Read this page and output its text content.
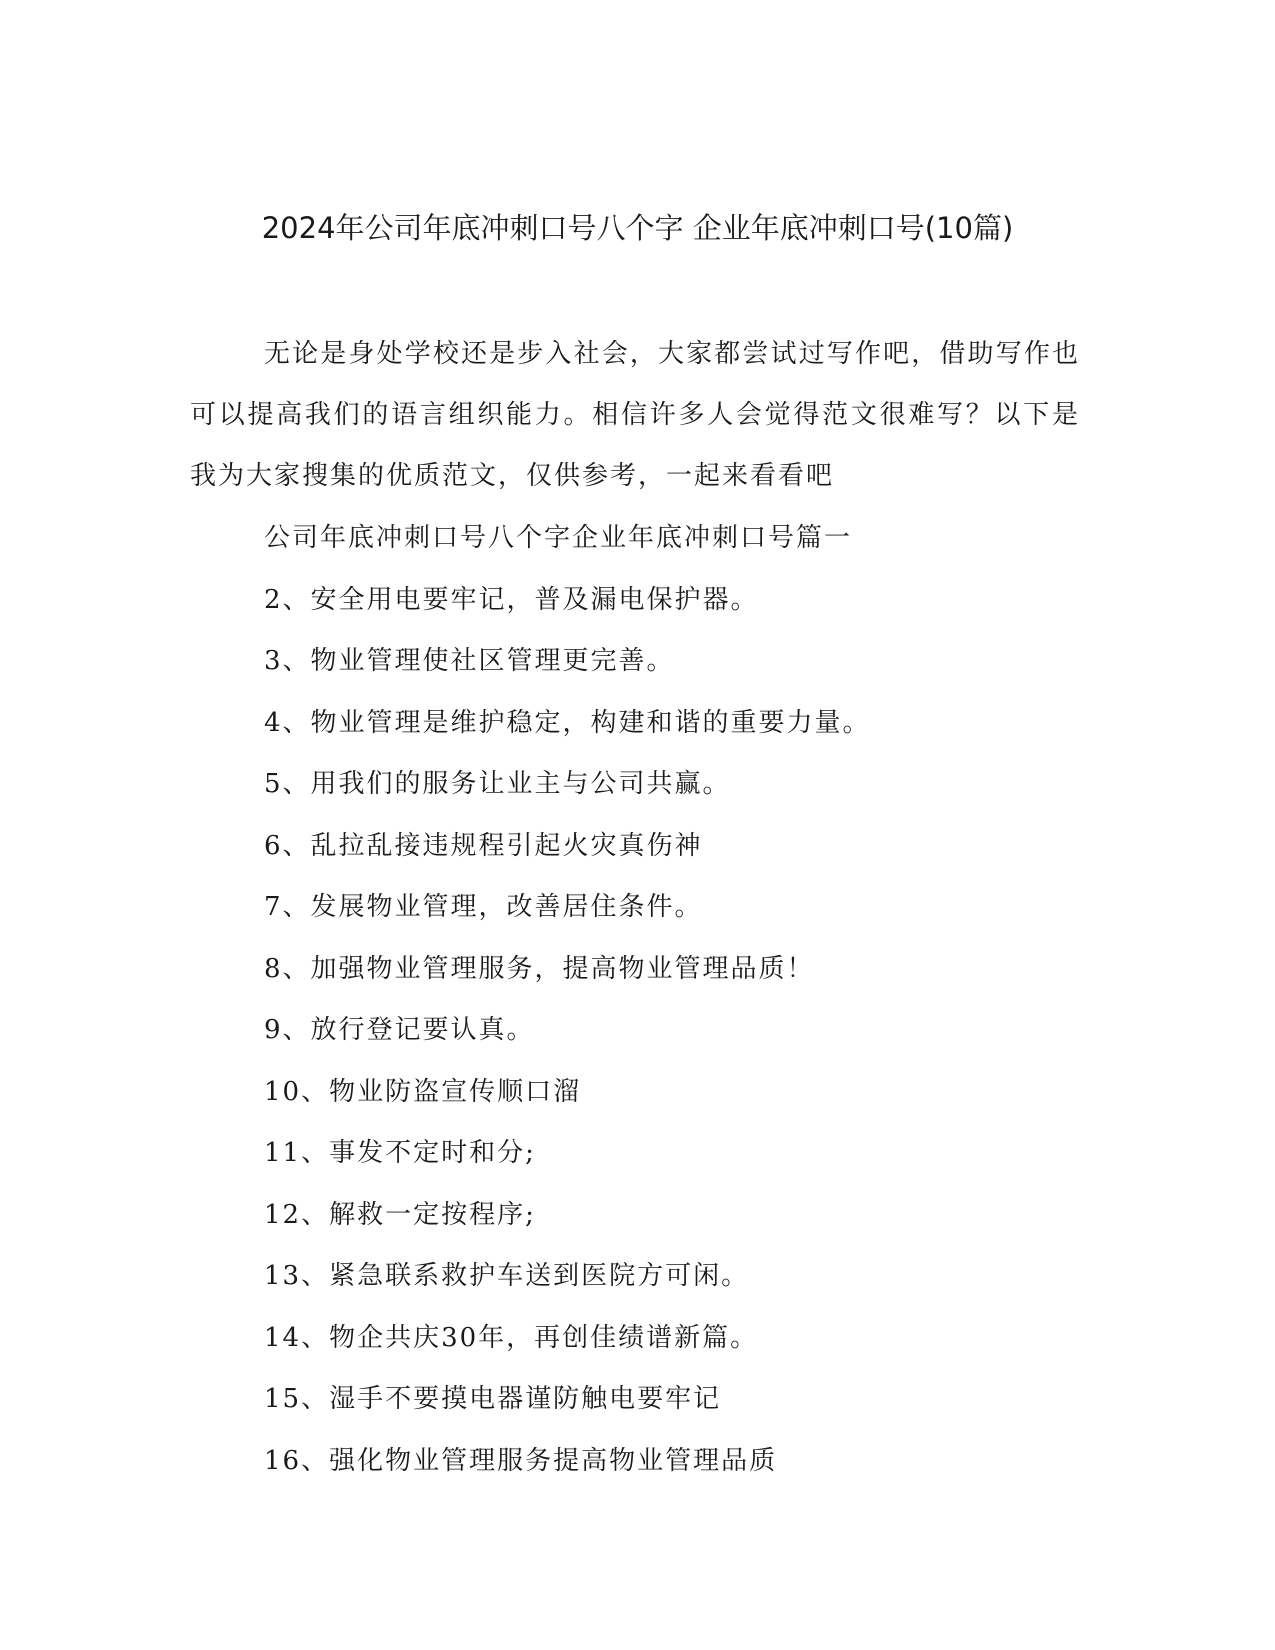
2024年公司年底冲刺口号八个字 企业年底冲刺口号(10篇)

无论是身处学校还是步入社会，大家都尝试过写作吧，借助写作也可以提高我们的语言组织能力。相信许多人会觉得范文很难写？以下是我为大家搜集的优质范文，仅供参考，一起来看看吧

公司年底冲刺口号八个字企业年底冲刺口号篇一
2、安全用电要牢记，普及漏电保护器。
3、物业管理使社区管理更完善。
4、物业管理是维护稳定，构建和谐的重要力量。
5、用我们的服务让业主与公司共赢。
6、乱拉乱接违规程引起火灾真伤神
7、发展物业管理，改善居住条件。
8、加强物业管理服务，提高物业管理品质！
9、放行登记要认真。
10、物业防盗宣传顺口溜
11、事发不定时和分;
12、解救一定按程序;
13、紧急联系救护车送到医院方可闲。
14、物企共庆30年，再创佳绩谱新篇。
15、湿手不要摸电器谨防触电要牢记
16、强化物业管理服务提高物业管理品质
